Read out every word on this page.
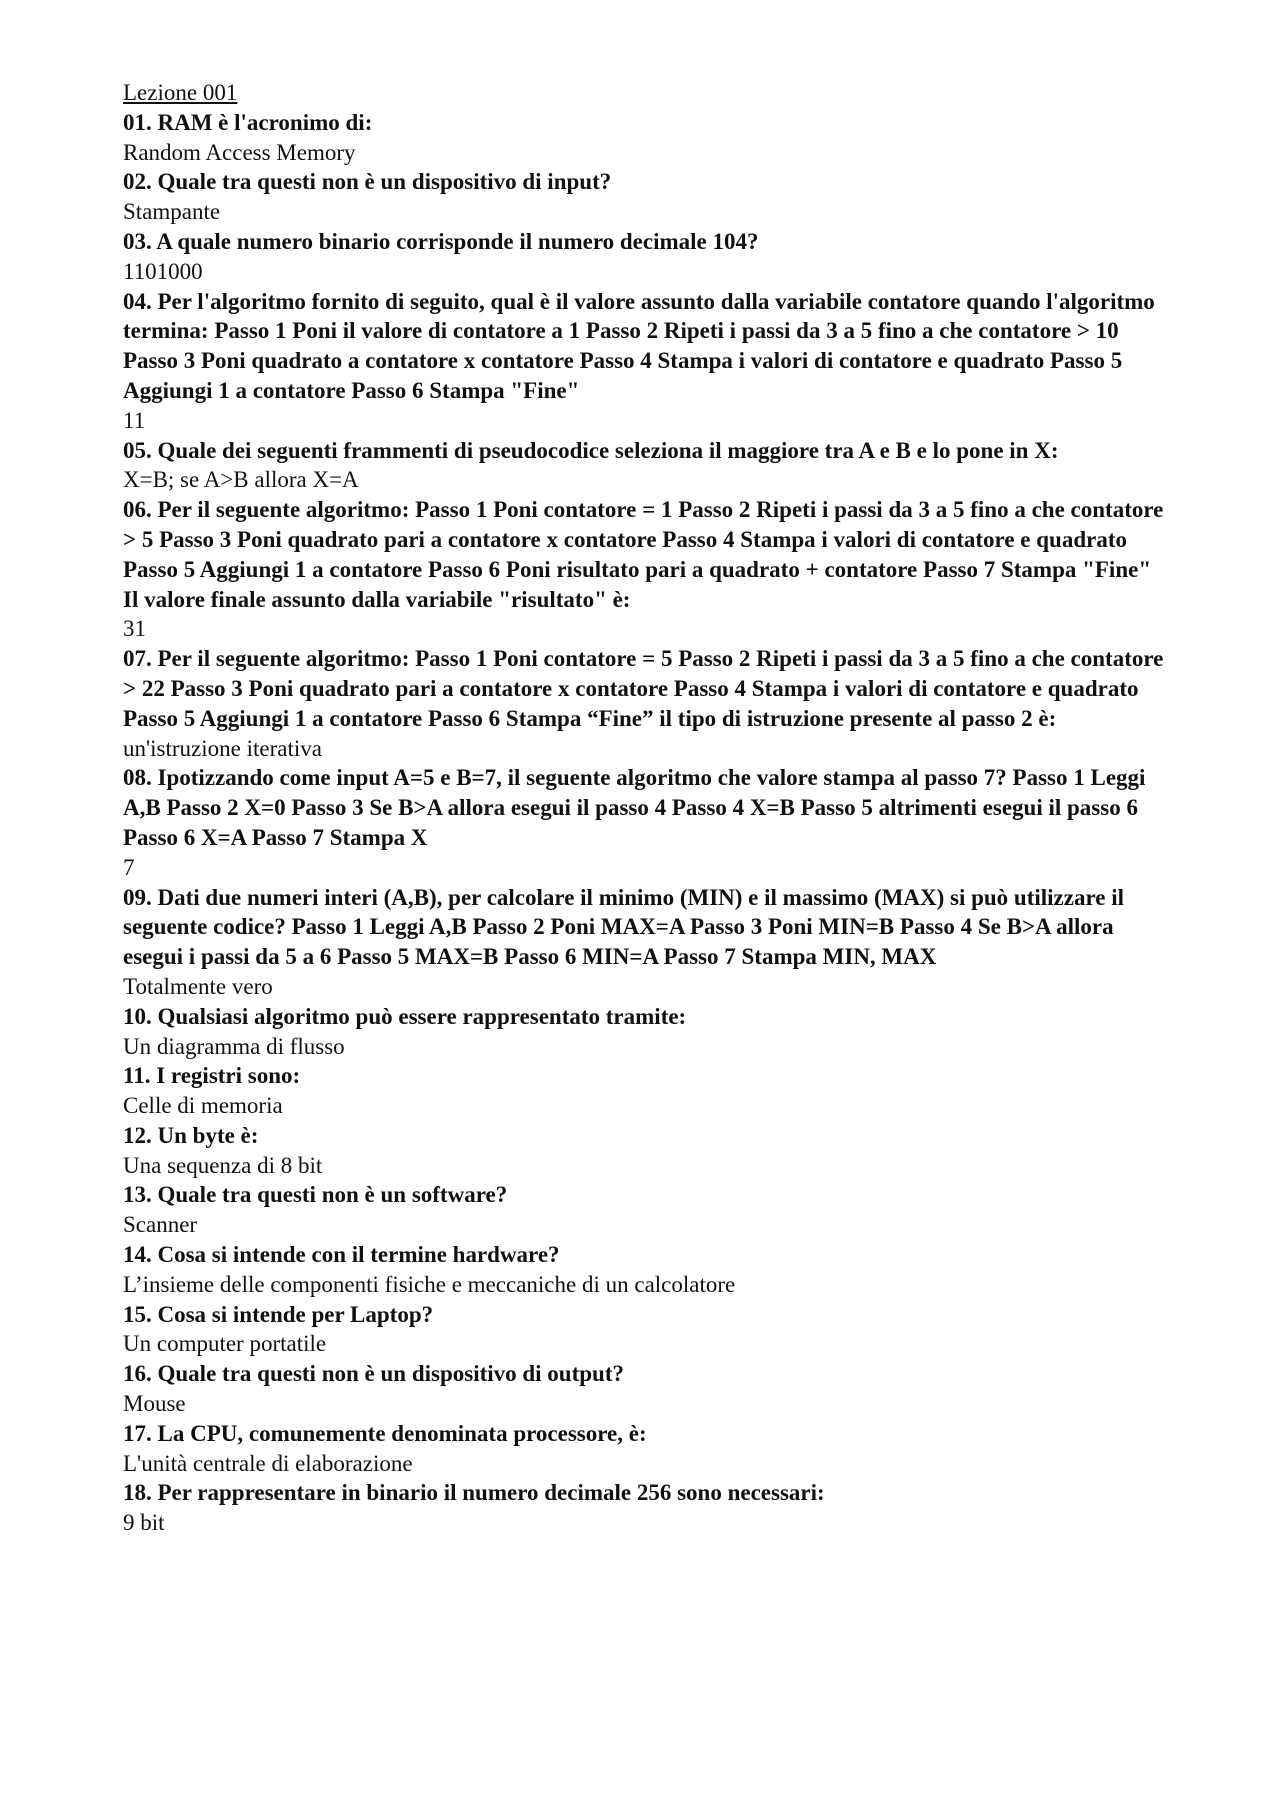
Lezione 001

01. RAM è l'acronimo di:

Random Access Memory

02. Quale tra questi non è un dispositivo di input?

Stampante

03. A quale numero binario corrisponde il numero decimale 104?

1101000

04. Per l'algoritmo fornito di seguito, qual è il valore assunto dalla variabile contatore quando l'algoritmo termina: Passo 1 Poni il valore di contatore a 1 Passo 2 Ripeti i passi da 3 a 5 fino a che contatore > 10 Passo 3 Poni quadrato a contatore x contatore Passo 4 Stampa i valori di contatore e quadrato Passo 5 Aggiungi 1 a contatore Passo 6 Stampa "Fine"

11

05. Quale dei seguenti frammenti di pseudocodice seleziona il maggiore tra A e B e lo pone in X:

X=B; se A>B allora X=A

06. Per il seguente algoritmo: Passo 1 Poni contatore = 1 Passo 2 Ripeti i passi da 3 a 5 fino a che contatore > 5 Passo 3 Poni quadrato pari a contatore x contatore Passo 4 Stampa i valori di contatore e quadrato Passo 5 Aggiungi 1 a contatore Passo 6 Poni risultato pari a quadrato + contatore Passo 7 Stampa "Fine"

Il valore finale assunto dalla variabile "risultato" è:

31

07. Per il seguente algoritmo: Passo 1 Poni contatore = 5 Passo 2 Ripeti i passi da 3 a 5 fino a che contatore > 22 Passo 3 Poni quadrato pari a contatore x contatore Passo 4 Stampa i valori di contatore e quadrato

Passo 5 Aggiungi 1 a contatore Passo 6 Stampa “Fine” il tipo di istruzione presente al passo 2 è:

un'istruzione iterativa

08. Ipotizzando come input A=5 e B=7, il seguente algoritmo che valore stampa al passo 7? Passo 1 Leggi A,B Passo 2 X=0 Passo 3 Se B>A allora esegui il passo 4 Passo 4 X=B Passo 5 altrimenti esegui il passo 6 Passo 6 X=A Passo 7 Stampa X

7

09. Dati due numeri interi (A,B), per calcolare il minimo (MIN) e il massimo (MAX) si può utilizzare il seguente codice? Passo 1 Leggi A,B Passo 2 Poni MAX=A Passo 3 Poni MIN=B Passo 4 Se B>A allora esegui i passi da 5 a 6 Passo 5 MAX=B Passo 6 MIN=A Passo 7 Stampa MIN, MAX

Totalmente vero

10. Qualsiasi algoritmo può essere rappresentato tramite:

Un diagramma di flusso

11. I registri sono:

Celle di memoria

12. Un byte è:

Una sequenza di 8 bit

13. Quale tra questi non è un software?

Scanner

14. Cosa si intende con il termine hardware?

L’insieme delle componenti fisiche e meccaniche di un calcolatore

15. Cosa si intende per Laptop?

Un computer portatile

16. Quale tra questi non è un dispositivo di output?

Mouse

17. La CPU, comunemente denominata processore, è:

L'unità centrale di elaborazione

18. Per rappresentare in binario il numero decimale 256 sono necessari:

9 bit
